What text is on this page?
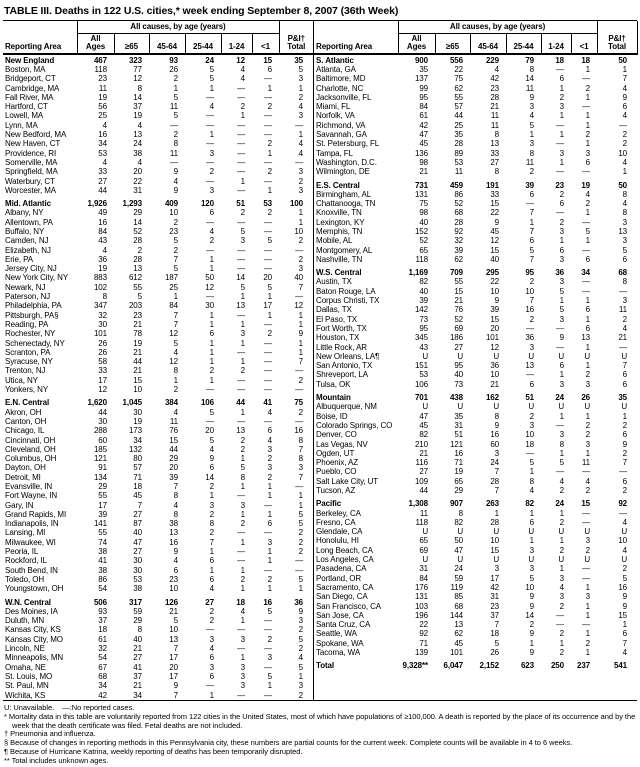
TABLE III. Deaths in 122 U.S. cities,* week ending September 8, 2007 (36th Week)
Reporting Area	All causes, by age (years)						P&I†
Total
	All
Ages	≥65	45-64	25-44	1-24	<1	
New England	467	323	93	24	12	15	35
Boston, MA	118	77	26	5	4	6	5
Bridgeport, CT	23	12	2	5	4	—	3
Cambridge, MA	11	8	1	1	—	1	1
Fall River, MA	19	14	5	—	—	—	2
Hartford, CT	56	37	11	4	2	2	4
Lowell, MA	25	19	5	—	1	—	3
Lynn, MA	4	4	—	—	—	—	—
New Bedford, MA	16	13	2	1	—	—	1
New Haven, CT	34	24	8	—	—	2	4
Providence, RI	53	38	11	3	—	1	4
Somerville, MA	4	4	—	—	—	—	—
Springfield, MA	33	20	9	2	—	2	3
Waterbury, CT	27	22	4	—	1	—	2
Worcester, MA	44	31	9	3	—	1	3
Mid. Atlantic	1,926	1,293	409	120	51	53	100
Albany, NY	49	29	10	6	2	2	1
Allentown, PA	16	14	2	—	—	—	1
Buffalo, NY	84	52	23	4	5	—	10
Camden, NJ	43	28	5	2	3	5	2
Elizabeth, NJ	4	2	2	—	—	—	—
Erie, PA	36	28	7	1	—	—	2
Jersey City, NJ	19	13	5	1	—	—	3
New York City, NY	883	612	187	50	14	20	40
Newark, NJ	102	55	25	12	5	5	7
Paterson, NJ	8	5	1	—	1	1	—
Philadelphia, PA	347	203	84	30	13	17	12
Pittsburgh, PA§	32	23	7	1	—	1	1
Reading, PA	30	21	7	1	1	—	1
Rochester, NY	101	78	12	6	3	2	9
Schenectady, NY	26	19	5	1	1	—	1
Scranton, PA	26	21	4	1	—	—	1
Syracuse, NY	58	44	12	1	1	—	7
Trenton, NJ	33	21	8	2	2	—	—
Utica, NY	17	15	1	1	—	—	2
Yonkers, NY	12	10	2	—	—	—	—
E.N. Central	1,620	1,045	384	106	44	41	75
Akron, OH	44	30	4	5	1	4	2
Canton, OH	30	19	11	—	—	—	—
Chicago, IL	288	173	76	20	13	6	16
Cincinnati, OH	60	34	15	5	2	4	8
Cleveland, OH	185	132	44	4	2	3	7
Columbus, OH	121	80	29	9	1	2	8
Dayton, OH	91	57	20	6	5	3	3
Detroit, MI	134	71	39	14	8	2	7
Evansville, IN	29	18	7	2	1	1	—
Fort Wayne, IN	55	45	8	1	—	1	1
Gary, IN	17	7	4	3	3	—	1
Grand Rapids, MI	39	27	8	2	1	1	5
Indianapolis, IN	141	87	38	8	2	6	5
Lansing, MI	55	40	13	2	—	—	2
Milwaukee, WI	74	47	16	7	1	3	2
Peoria, IL	38	27	9	1	—	1	2
Rockford, IL	41	30	4	6	—	1	—
South Bend, IN	38	30	6	1	1	—	—
Toledo, OH	86	53	23	6	2	2	5
Youngstown, OH	54	38	10	4	1	1	1
W.N. Central	506	317	126	27	18	16	36
Des Moines, IA	93	59	21	2	4	5	9
Duluth, MN	37	29	5	2	1	—	3
Kansas City, KS	18	8	10	—	—	—	2
Kansas City, MO	61	40	13	3	3	2	5
Lincoln, NE	32	21	7	4	—	—	2
Minneapolis, MN	54	27	17	6	1	3	4
Omaha, NE	67	41	20	3	3	—	5
St. Louis, MO	68	37	17	6	3	5	1
St. Paul, MN	34	21	9	—	3	1	3
Wichita, KS	42	34	7	1	—	—	2
Reporting Area	All causes, by age (years)						P&I†
Total
	All
Ages	≥65	45-64	25-44	1-24	<1	
S. Atlantic	900	556	229	79	18	18	50
Atlanta, GA	35	22	4	8	—	1	1
Baltimore, MD	137	75	42	14	6	—	7
Charlotte, NC	99	62	23	11	1	2	4
Jacksonville, FL	95	55	28	9	2	1	9
Miami, FL	84	57	21	3	3	—	6
Norfolk, VA	61	44	11	4	1	1	4
Richmond, VA	42	25	11	5	—	1	—
Savannah, GA	47	35	8	1	1	2	2
St. Petersburg, FL	45	28	13	3	—	1	2
Tampa, FL	136	89	33	8	3	3	10
Washington, D.C.	98	53	27	11	1	6	4
Wilmington, DE	21	11	8	2	—	—	1
E.S. Central	731	459	191	39	23	19	50
Birmingham, AL	131	86	33	6	2	4	8
Chattanooga, TN	75	52	15	—	6	2	4
Knoxville, TN	98	68	22	7	—	1	8
Lexington, KY	40	28	9	1	2	—	3
Memphis, TN	152	92	45	7	3	5	13
Mobile, AL	52	32	12	6	1	1	3
Montgomery, AL	65	39	15	5	6	—	5
Nashville, TN	118	62	40	7	3	6	6
W.S. Central	1,169	709	295	95	36	34	68
Austin, TX	82	55	22	2	3	—	8
Baton Rouge, LA	40	15	10	10	5	—	—
Corpus Christi, TX	39	21	9	7	1	1	3
Dallas, TX	142	76	39	16	5	6	11
El Paso, TX	73	52	15	2	3	1	2
Fort Worth, TX	95	69	20	—	—	6	4
Houston, TX	345	186	101	36	9	13	21
Little Rock, AR	43	27	12	3	—	1	—
New Orleans, LA¶	U	U	U	U	U	U	U
San Antonio, TX	151	95	36	13	6	1	7
Shreveport, LA	53	40	10	—	1	2	6
Tulsa, OK	106	73	21	6	3	3	6
Mountain	701	438	162	51	24	26	35
Albuquerque, NM	U	U	U	U	U	U	U
Boise, ID	47	35	8	2	1	1	1
Colorado Springs, CO	45	31	9	3	—	2	2
Denver, CO	82	51	16	10	3	2	6
Las Vegas, NV	210	121	60	18	8	3	9
Ogden, UT	21	16	3	—	1	1	2
Phoenix, AZ	116	71	24	5	5	11	7
Pueblo, CO	27	19	7	1	—	—	—
Salt Lake City, UT	109	65	28	8	4	4	6
Tucson, AZ	44	29	7	4	2	2	2
Pacific	1,308	907	263	82	24	15	92
Berkeley, CA	11	8	1	1	1	—	—
Fresno, CA	118	82	28	6	2	—	4
Glendale, CA	U	U	U	U	U	U	U
Honolulu, HI	65	50	10	1	1	3	10
Long Beach, CA	69	47	15	3	2	2	4
Los Angeles, CA	U	U	U	U	U	U	U
Pasadena, CA	31	24	3	3	1	—	2
Portland, OR	84	59	17	5	3	—	5
Sacramento, CA	176	119	42	10	4	1	16
San Diego, CA	131	85	31	9	3	3	9
San Francisco, CA	103	68	23	9	2	1	9
San Jose, CA	196	144	37	14	—	1	15
Santa Cruz, CA	22	13	7	2	—	—	1
Seattle, WA	92	62	18	9	2	1	6
Spokane, WA	71	45	5	1	1	2	7
Tacoma, WA	139	101	26	9	2	1	4
Total	9,328**	6,047	2,152	623	250	237	541
U: Unavailable.    —:No reported cases.
* Mortality data in this table are voluntarily reported from 122 cities in the United States, most of which have populations of ≥100,000. A death is reported by the place of its occurrence and by the week that the death certificate was filed. Fetal deaths are not included.
† Pneumonia and influenza.
§ Because of changes in reporting methods in this Pennsylvania city, these numbers are partial counts for the current week. Complete counts will be available in 4 to 6 weeks.
¶ Because of Hurricane Katrina, weekly reporting of deaths has been temporarily disrupted.
** Total includes unknown ages.
